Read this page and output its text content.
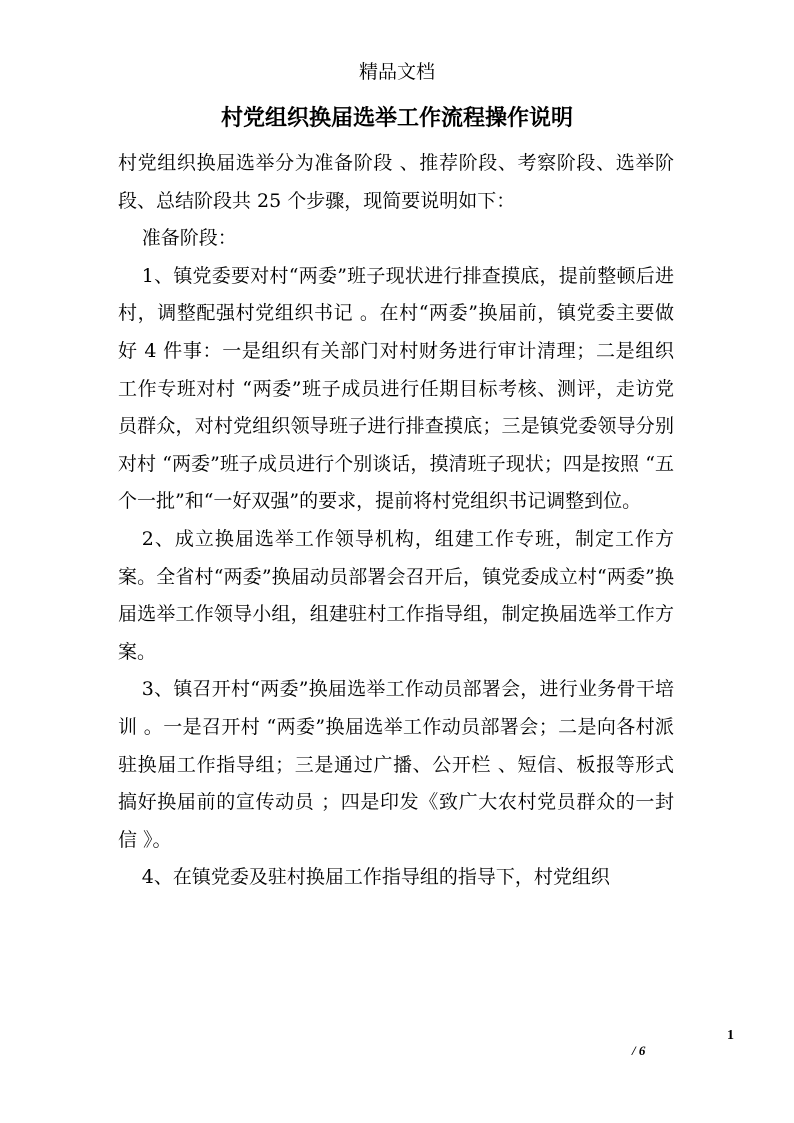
精品文档
村党组织换届选举工作流程操作说明

村党组织换届选举分为准备阶段 、推荐阶段、考察阶段、选举阶段、总结阶段共 25 个步骤，现简要说明如下：

准备阶段：

1、镇党委要对村“两委”班子现状进行排查摸底，提前整顿后进村，调整配强村党组织书记 。在村“两委”换届前，镇党委主要做好 4 件事：一是组织有关部门对村财务进行审计清理；二是组织工作专班对村 “两委”班子成员进行任期目标考核、测评，走访党员群众，对村党组织领导班子进行排查摸底；三是镇党委领导分别对村 “两委”班子成员进行个别谈话，摸清班子现状；四是按照 “五个一批”和“一好双强”的要求，提前将村党组织书记调整到位。

2、成立换届选举工作领导机构，组建工作专班，制定工作方案。全省村“两委”换届动员部署会召开后，镇党委成立村“两委”换届选举工作领导小组，组建驻村工作指导组，制定换届选举工作方案。

3、镇召开村“两委”换届选举工作动员部署会，进行业务骨干培训 。一是召开村 “两委”换届选举工作动员部署会；二是向各村派驻换届工作指导组；三是通过广播、公开栏 、短信、板报等形式搞好换届前的宣传动员 ；四是印发《致广大农村党员群众的一封信 》。

4、在镇党委及驻村换届工作指导组的指导下，村党组织

1
/ 6
